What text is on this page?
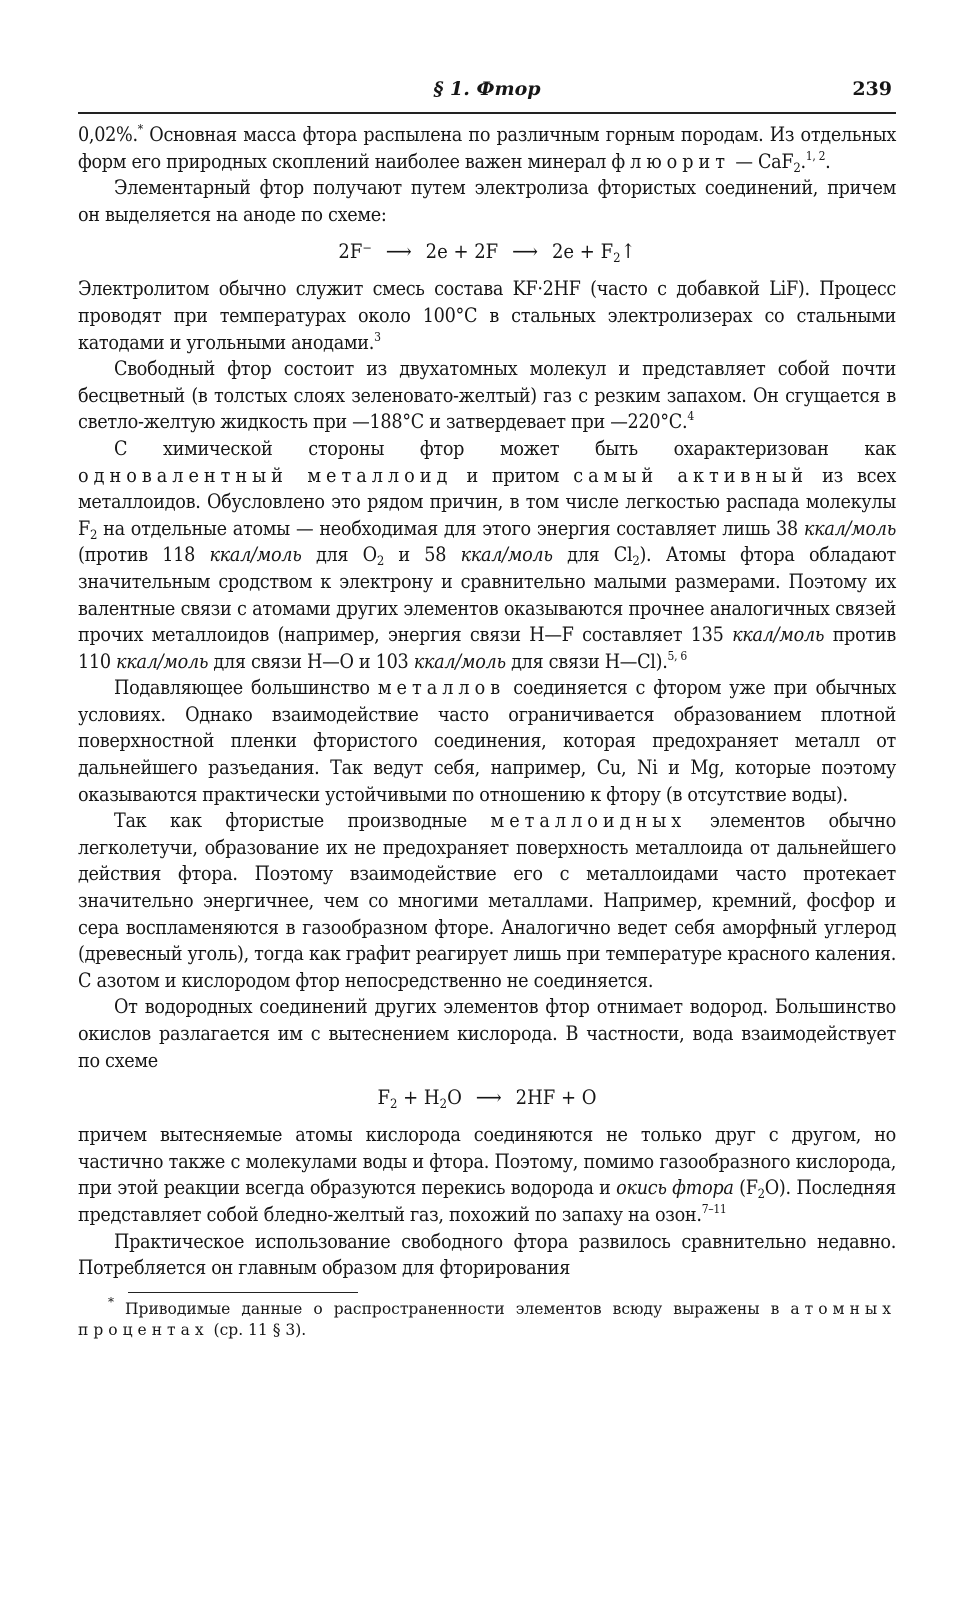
§ 1. Фтор	239

0,02%.* Основная масса фтора распылена по различным горным породам. Из отдельных форм его природных скоплений наиболее важен минерал флюорит — CaF$_2$.$^{1, 2}$.

Элементарный фтор получают путем электролиза фтористых соединений, причем он выделяется на аноде по схеме:

2F⁻ ⟶ 2e + 2F ⟶ $2e + F_2↑$

Электролитом обычно служит смесь состава KF·2HF (часто с добавкой LiF). Процесс проводят при температурах около 100°С в стальных электролизерах со стальными катодами и угольными анодами.$^3$

Свободный фтор состоит из двухатомных молекул и представляет собой почти бесцветный (в толстых слоях зеленовато-желтый) газ с резким запахом. Он сгущается в светло-желтую жидкость при —188°С и затвердевает при —220°С.$^4$

С химической стороны фтор может быть охарактеризован как одновалентный металлоид и притом самый активный из всех металлоидов. Обусловлено это рядом причин, в том числе легкостью распада молекулы $F_2$ на отдельные атомы — необходимая для этого энергия составляет лишь 38 ккал/моль (против 118 ккал/моль для $O_2$ и 58 ккал/моль для $Cl_2$). Атомы фтора обладают значительным сродством к электрону и сравнительно малыми размерами. Поэтому их валентные связи с атомами других элементов оказываются прочнее аналогичных связей прочих металлоидов (например, энергия связи H—F составляет 135 ккал/моль против 110 ккал/моль для связи H—O и 103 ккал/моль для связи H—Cl).$^{5, 6}$

Подавляющее большинство металлов соединяется с фтором уже при обычных условиях. Однако взаимодействие часто ограничивается образованием плотной поверхностной пленки фтористого соединения, которая предохраняет металл от дальнейшего разъедания. Так ведут себя, например, Cu, Ni и Mg, которые поэтому оказываются практически устойчивыми по отношению к фтору (в отсутствие воды).

Так как фтористые производные металлоидных элементов обычно легколетучи, образование их не предохраняет поверхность металлоида от дальнейшего действия фтора. Поэтому взаимодействие его с металлоидами часто протекает значительно энергичнее, чем со многими металлами. Например, кремний, фосфор и сера воспламеняются в газообразном фторе. Аналогично ведет себя аморфный углерод (древесный уголь), тогда как графит реагирует лишь при температуре красного каления. С азотом и кислородом фтор непосредственно не соединяется.

От водородных соединений других элементов фтор отнимает водород. Большинство окислов разлагается им с вытеснением кислорода. В частности, вода взаимодействует по схеме

$F_2 + H_2O$ ⟶ 2HF + O

причем вытесняемые атомы кислорода соединяются не только друг с другом, но частично также с молекулами воды и фтора. Поэтому, помимо газообразного кислорода, при этой реакции всегда образуются перекись водорода и окись фтора $(F_2O)$. Последняя представляет собой бледно-желтый газ, похожий по запаху на озон.$^{7-11}$

Практическое использование свободного фтора развилось сравнительно недавно. Потребляется он главным образом для фторирования

* Приводимые данные о распространенности элементов всюду выражены в атомных процентах (ср. 11 § 3).
